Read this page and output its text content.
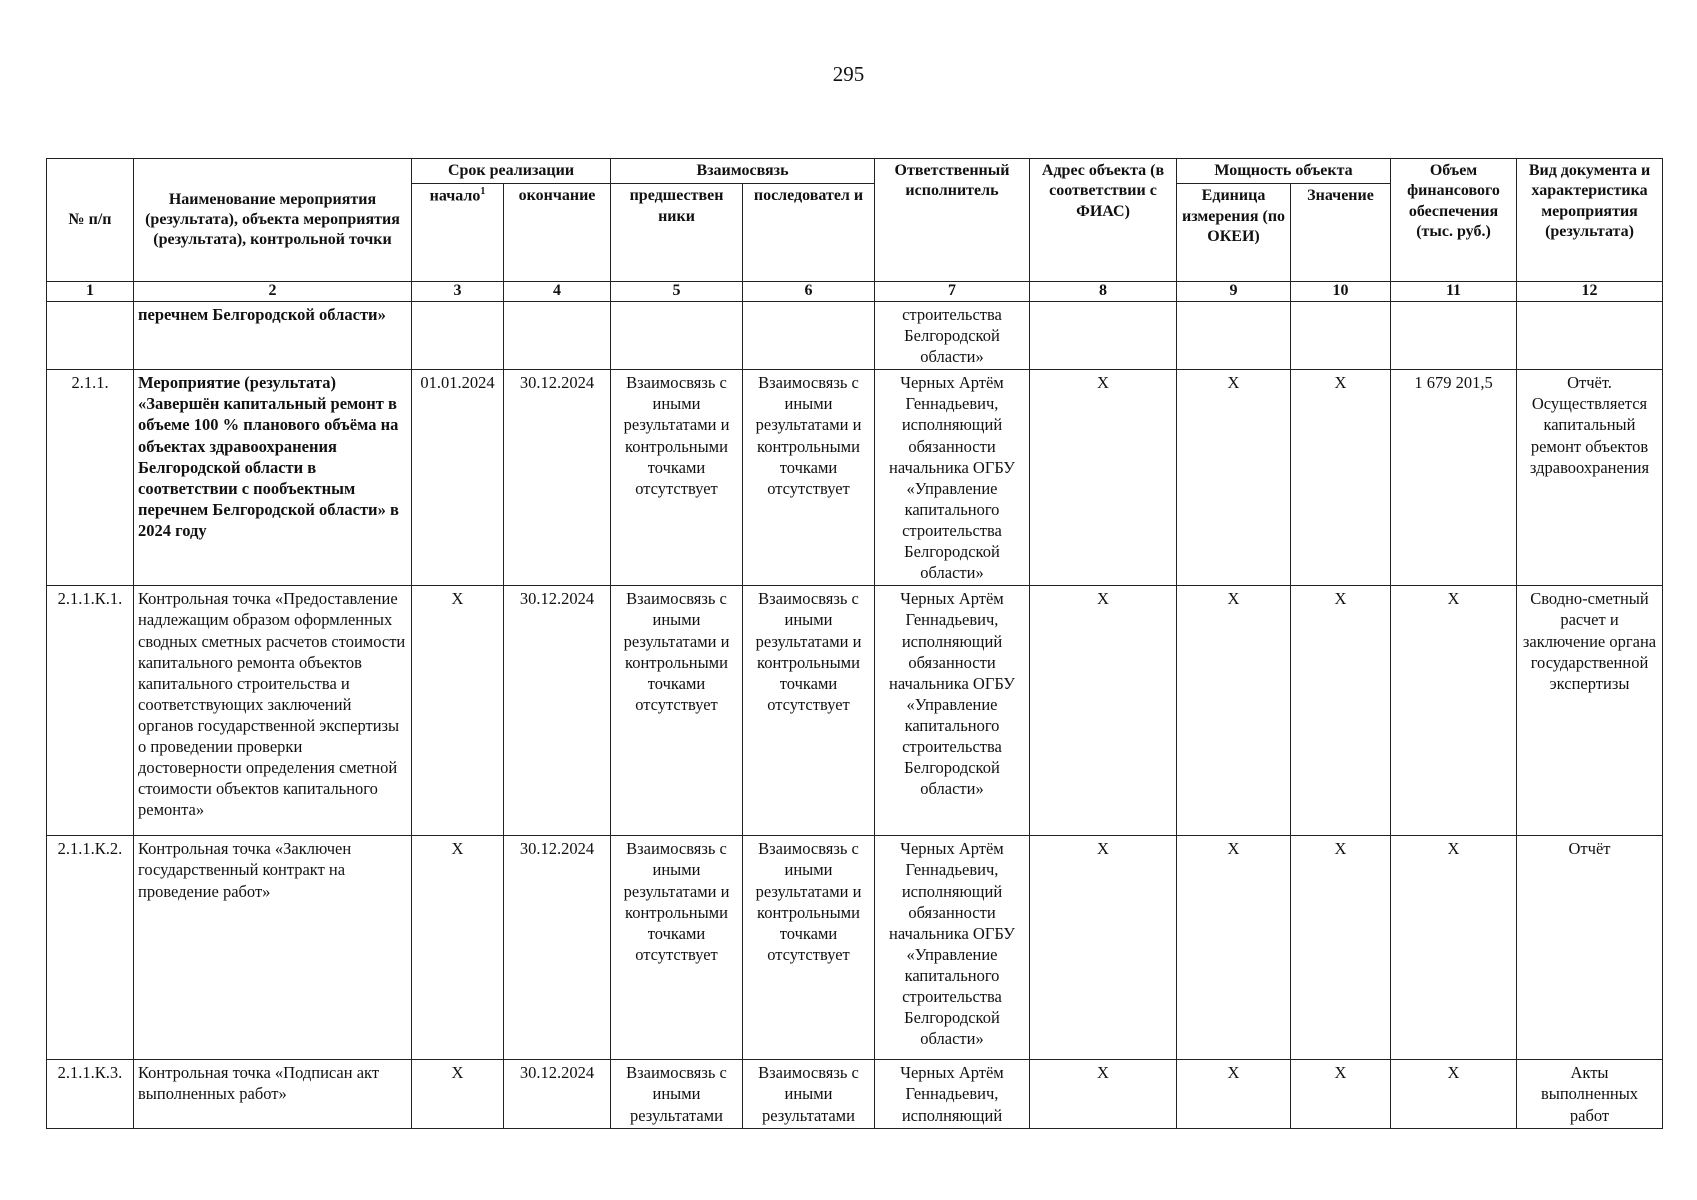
295
№ п/п	Наименование мероприятия (результата), объекта мероприятия (результата), контрольной точки	Срок реализации		Взаимосвязь		Ответственный исполнитель	Адрес объекта (в соответствии с ФИАС)	Мощность объекта		Объем финансового обеспечения (тыс. руб.)	Вид документа и характеристика мероприятия (результата)
		начало$^1$	окончание	предшествен ники	последовател и			Единица измерения (по ОКЕИ)	Значение		
1	2	3	4	5	6	7	8	9	10	11	12
	перечнем Белгородской области»					строительства Белгородской области»					
2.1.1.	Мероприятие (результата) «Завершён капитальный ремонт в объеме 100 % планового объёма на объектах здравоохранения Белгородской области в соответствии с пообъектным перечнем Белгородской области» в 2024 году	01.01.2024	30.12.2024	Взаимосвязь с иными результатами и контрольными точками отсутствует	Взаимосвязь с иными результатами и контрольными точками отсутствует	Черных Артём Геннадьевич, исполняющий обязанности начальника ОГБУ «Управление капитального строительства Белгородской области»	X	X	X	1 679 201,5	Отчёт. Осуществляется капитальный ремонт объектов здравоохранения
2.1.1.К.1.	Контрольная точка «Предоставление надлежащим образом оформленных сводных сметных расчетов стоимости капитального ремонта объектов капитального строительства и соответствующих заключений органов государственной экспертизы о проведении проверки достоверности определения сметной стоимости объектов капитального ремонта»	X	30.12.2024	Взаимосвязь с иными результатами и контрольными точками отсутствует	Взаимосвязь с иными результатами и контрольными точками отсутствует	Черных Артём Геннадьевич, исполняющий обязанности начальника ОГБУ «Управление капитального строительства Белгородской области»	X	X	X	X	Сводно-сметный расчет и заключение органа государственной экспертизы
2.1.1.К.2.	Контрольная точка «Заключен государственный контракт на проведение работ»	X	30.12.2024	Взаимосвязь с иными результатами и контрольными точками отсутствует	Взаимосвязь с иными результатами и контрольными точками отсутствует	Черных Артём Геннадьевич, исполняющий обязанности начальника ОГБУ «Управление капитального строительства Белгородской области»	X	X	X	X	Отчёт
2.1.1.К.3.	Контрольная точка «Подписан акт выполненных работ»	X	30.12.2024	Взаимосвязь с иными результатами	Взаимосвязь с иными результатами	Черных Артём Геннадьевич, исполняющий	X	X	X	X	Акты выполненных работ
